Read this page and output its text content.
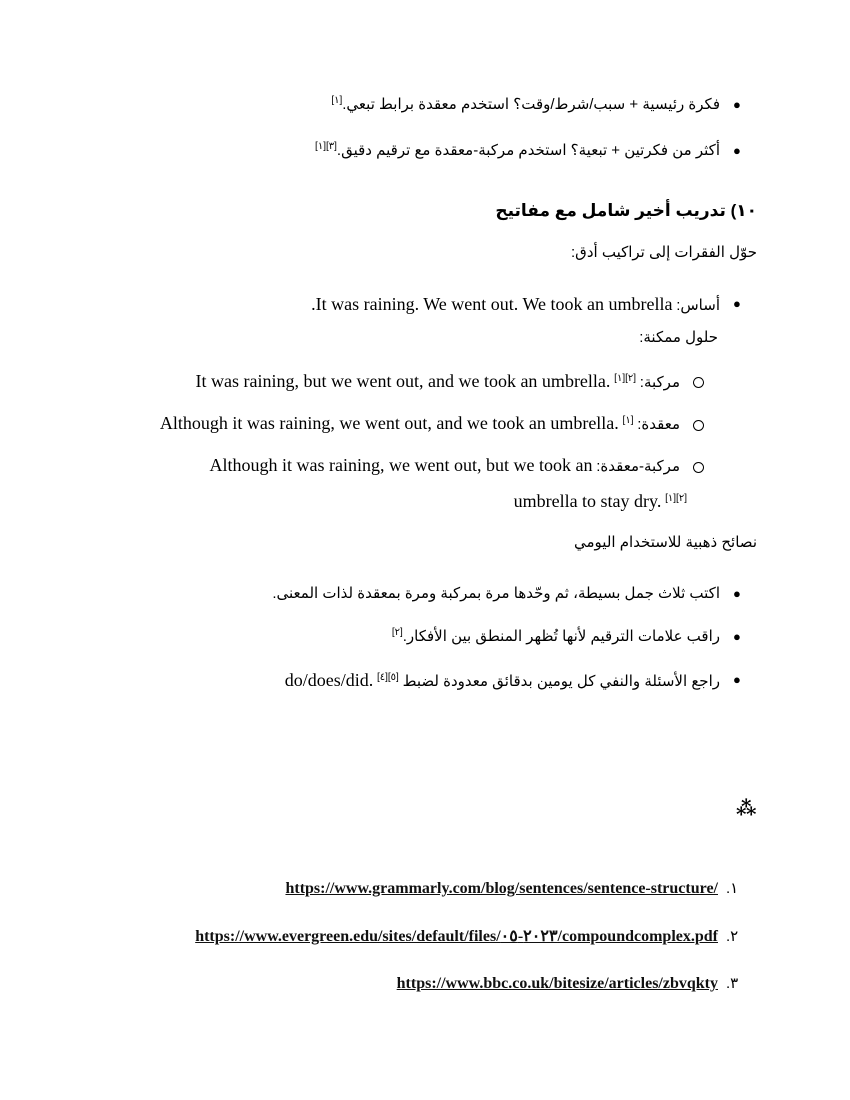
●
فكرة رئيسية + سبب/شرط/وقت؟ استخدم معقدة برابط تبعي.[١]
●
أكثر من فكرتين + تبعية؟ استخدم مركبة-معقدة مع ترقيم دقيق.[٣][١]
١٠) تدريب أخير شامل مع مفاتيح
حوّل الفقرات إلى تراكيب أدق:
●
أساس: .It was raining. We went out. We took an umbrella
حلول ممكنة:
مركبة: [٢][١] It was raining, but we went out, and we took an umbrella.
معقدة: [١] Although it was raining, we went out, and we took an umbrella.
مركبة-معقدة: Although it was raining, we went out, but we took an
[٢][١] umbrella to stay dry.
نصائح ذهبية للاستخدام اليومي
●
اكتب ثلاث جمل بسيطة، ثم وحّدها مرة بمركبة ومرة بمعقدة لذات المعنى.
●
راقب علامات الترقيم لأنها تُظهر المنطق بين الأفكار.[٢]
●
راجع الأسئلة والنفي كل يومين بدقائق معدودة لضبط [٥][٤] do/does/did.
⁂
.١
https://www.grammarly.com/blog/sentences/sentence-structure/
.٢
https://www.evergreen.edu/sites/default/files/٢٠٢٣-٠٥/compoundcomplex.pdf
.٣
https://www.bbc.co.uk/bitesize/articles/zbvqkty
